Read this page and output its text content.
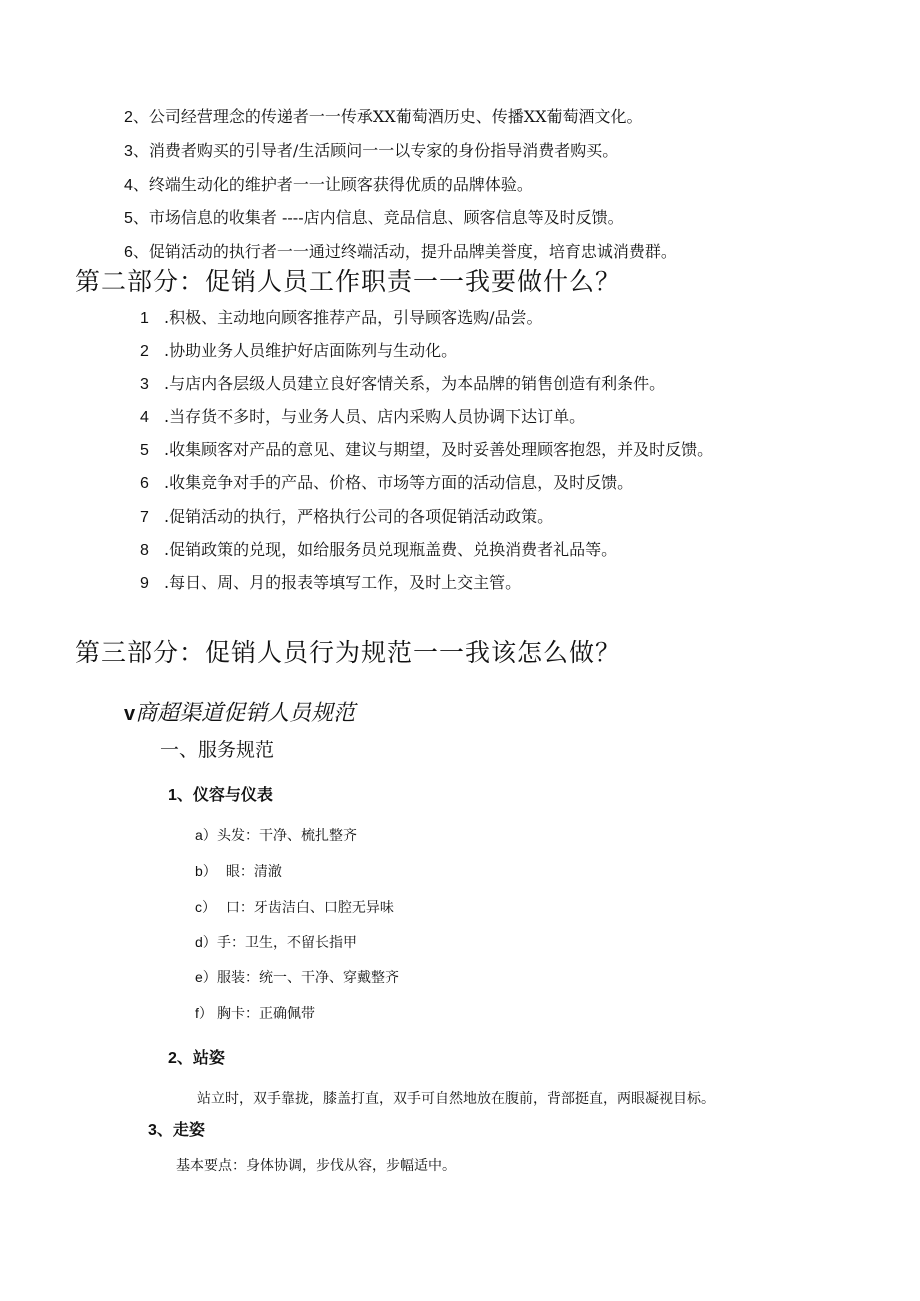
2、公司经营理念的传递者一一传承XX葡萄酒历史、传播XX葡萄酒文化。
3、消费者购买的引导者/生活顾问一一以专家的身份指导消费者购买。
4、终端生动化的维护者一一让顾客获得优质的品牌体验。
5、市场信息的收集者 ----店内信息、竞品信息、顾客信息等及时反馈。
6、促销活动的执行者一一通过终端活动，提升品牌美誉度，培育忠诚消费群。
第二部分：促销人员工作职责一一我要做什么？
1 .积极、主动地向顾客推荐产品，引导顾客选购/品尝。
2 .协助业务人员维护好店面陈列与生动化。
3 .与店内各层级人员建立良好客情关系，为本品牌的销售创造有利条件。
4 .当存货不多时，与业务人员、店内采购人员协调下达订单。
5 .收集顾客对产品的意见、建议与期望，及时妥善处理顾客抱怨，并及时反馈。
6 .收集竞争对手的产品、价格、市场等方面的活动信息，及时反馈。
7 .促销活动的执行，严格执行公司的各项促销活动政策。
8 .促销政策的兑现，如给服务员兑现瓶盖费、兑换消费者礼品等。
9 .每日、周、月的报表等填写工作，及时上交主管。
第三部分：促销人员行为规范一一我该怎么做？
v商超渠道促销人员规范
一、服务规范
1、仪容与仪表
a）头发：干净、梳扎整齐
b）  眼：清澈
c）  口：牙齿洁白、口腔无异味
d）手：卫生，不留长指甲
e）服装：统一、干净、穿戴整齐
f） 胸卡：正确佩带
2、站姿
站立时，双手靠拢，膝盖打直，双手可自然地放在腹前，背部挺直，两眼凝视目标。
3、走姿
基本要点：身体协调，步伐从容，步幅适中。
